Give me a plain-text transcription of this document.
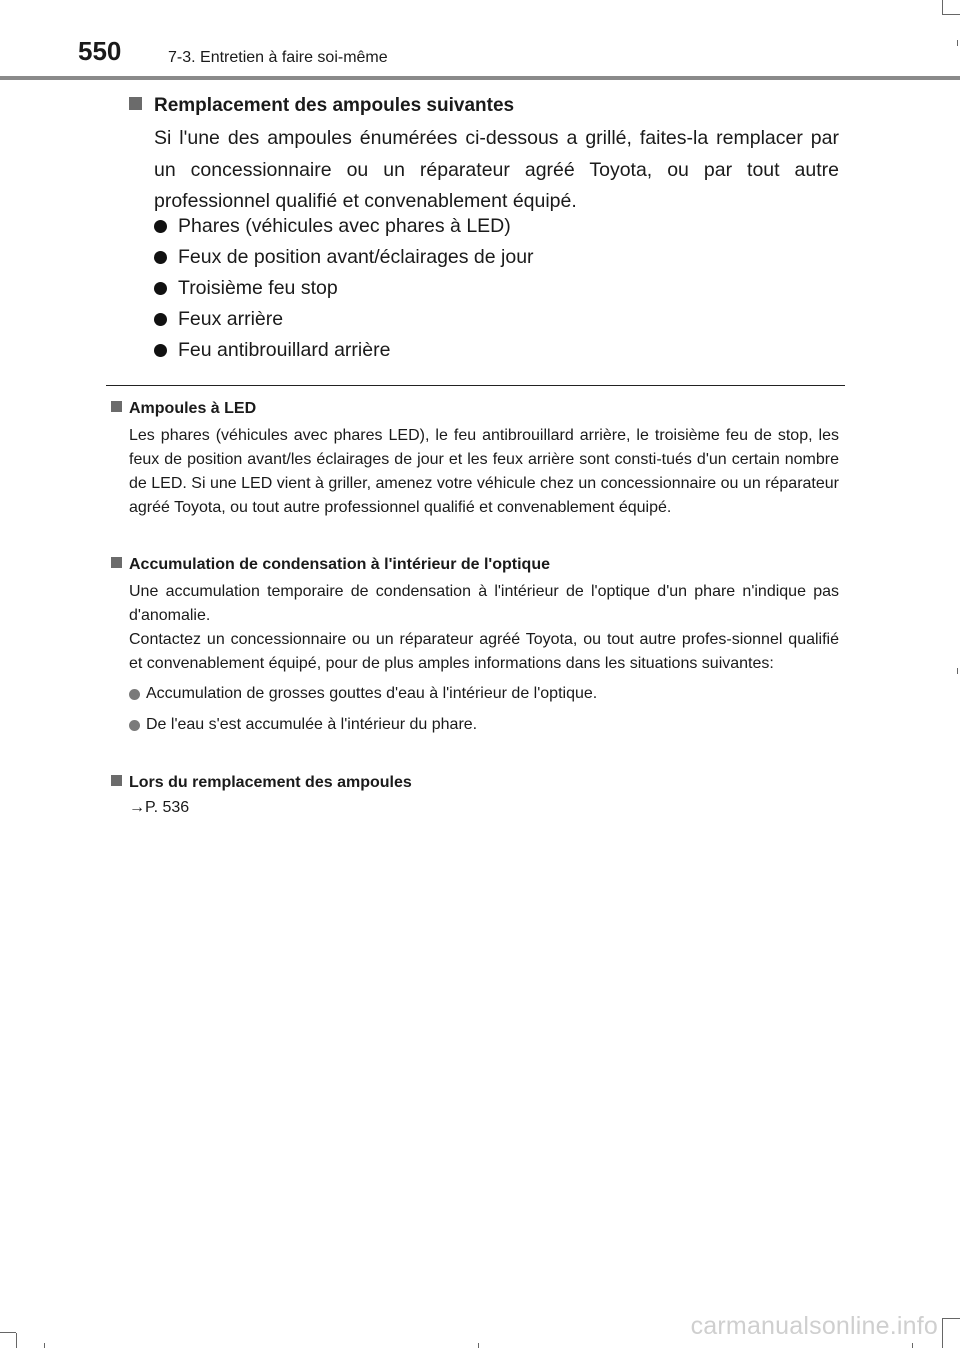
550	7-3. Entretien à faire soi-même
Remplacement des ampoules suivantes

Si l'une des ampoules énumérées ci-dessous a grillé, faites-la remplacer par un concessionnaire ou un réparateur agréé Toyota, ou par tout autre professionnel qualifié et convenablement équipé.

Phares (véhicules avec phares à LED)
Feux de position avant/éclairages de jour
Troisième feu stop
Feux arrière
Feu antibrouillard arrière

Ampoules à LED

Les phares (véhicules avec phares LED), le feu antibrouillard arrière, le troisième feu de stop, les feux de position avant/les éclairages de jour et les feux arrière sont consti-tués d'un certain nombre de LED. Si une LED vient à griller, amenez votre véhicule chez un concessionnaire ou un réparateur agréé Toyota, ou tout autre professionnel qualifié et convenablement équipé.

Accumulation de condensation à l'intérieur de l'optique

Une accumulation temporaire de condensation à l'intérieur de l'optique d'un phare n'indique pas d'anomalie.

Contactez un concessionnaire ou un réparateur agréé Toyota, ou tout autre profes-sionnel qualifié et convenablement équipé, pour de plus amples informations dans les situations suivantes:

Accumulation de grosses gouttes d'eau à l'intérieur de l'optique.
De l'eau s'est accumulée à l'intérieur du phare.

Lors du remplacement des ampoules

→P. 536

carmanualsonline.info
